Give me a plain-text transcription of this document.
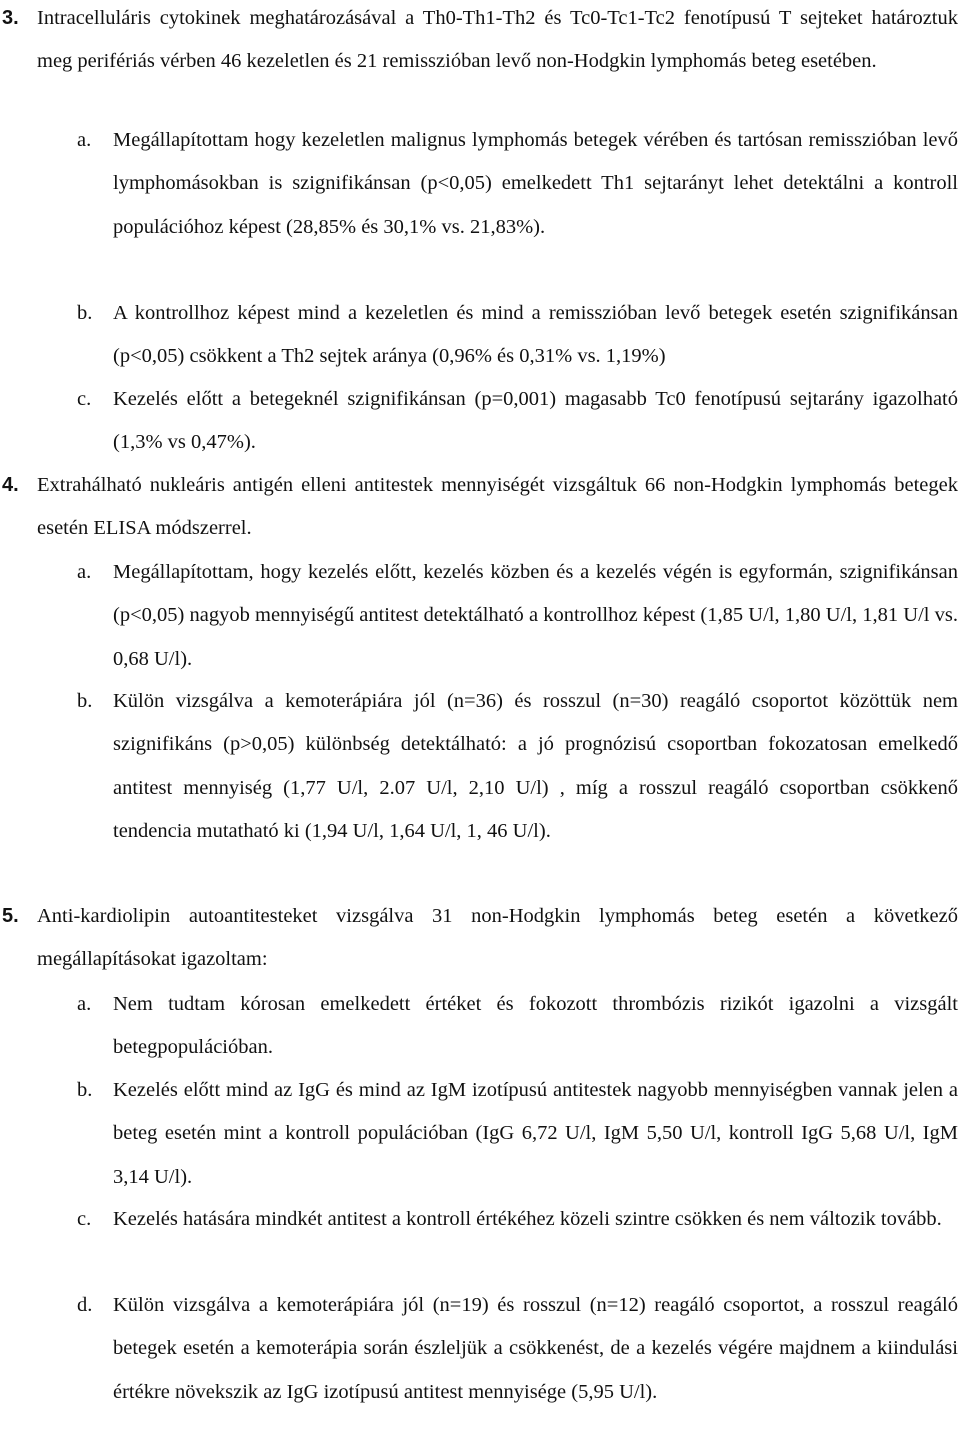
3. Intracelluláris cytokinek meghatározásával a Th0-Th1-Th2 és Tc0-Tc1-Tc2 fenotípusú T sejteket határoztuk meg perifériás vérben 46 kezeletlen és 21 remisszióban levő non-Hodgkin lymphomás beteg esetében.

a. Megállapítottam hogy kezeletlen malignus lymphomás betegek vérében és tartósan remisszióban levő lymphomásokban is szignifikánsan (p<0,05) emelkedett Th1 sejtarányt lehet detektálni a kontroll populációhoz képest (28,85% és 30,1% vs. 21,83%).

b. A kontrollhoz képest mind a kezeletlen és mind a remisszióban levő betegek esetén szignifikánsan (p<0,05) csökkent a Th2 sejtek aránya (0,96% és 0,31% vs. 1,19%)

c. Kezelés előtt a betegeknél szignifikánsan (p=0,001) magasabb Tc0 fenotípusú sejtarány igazolható (1,3% vs 0,47%).

4. Extrahálható nukleáris antigén elleni antitestek mennyiségét vizsgáltuk 66 non-Hodgkin lymphomás betegek esetén ELISA módszerrel.

a. Megállapítottam, hogy kezelés előtt, kezelés közben és a kezelés végén is egyformán, szignifikánsan (p<0,05) nagyob mennyiségű antitest detektálható a kontrollhoz képest (1,85 U/l, 1,80 U/l, 1,81 U/l vs. 0,68 U/l).

b. Külön vizsgálva a kemoterápiára jól (n=36) és rosszul (n=30) reagáló csoportot közöttük nem szignifikáns (p>0,05) különbség detektálható: a jó prognózisú csoportban fokozatosan emelkedő antitest mennyiség (1,77 U/l, 2.07 U/l, 2,10 U/l) , míg a rosszul reagáló csoportban csökkenő tendencia mutatható ki (1,94 U/l, 1,64 U/l, 1, 46 U/l).

5. Anti-kardiolipin autoantitesteket vizsgálva 31 non-Hodgkin lymphomás beteg esetén a következő megállapításokat igazoltam:

a. Nem tudtam kórosan emelkedett értéket és fokozott thrombózis rizikót igazolni a vizsgált betegpopulációban.

b. Kezelés előtt mind az IgG és mind az IgM izotípusú antitestek nagyobb mennyiségben vannak jelen a beteg esetén mint a kontroll populációban (IgG 6,72 U/l, IgM 5,50 U/l, kontroll IgG 5,68 U/l, IgM 3,14 U/l).

c. Kezelés hatására mindkét antitest a kontroll értékéhez közeli szintre csökken és nem változik tovább.

d. Külön vizsgálva a kemoterápiára jól (n=19) és rosszul (n=12) reagáló csoportot, a rosszul reagáló betegek esetén a kemoterápia során észleljük a csökkenést, de a kezelés végére majdnem a kiindulási értékre növekszik az IgG izotípusú antitest mennyisége (5,95 U/l).
